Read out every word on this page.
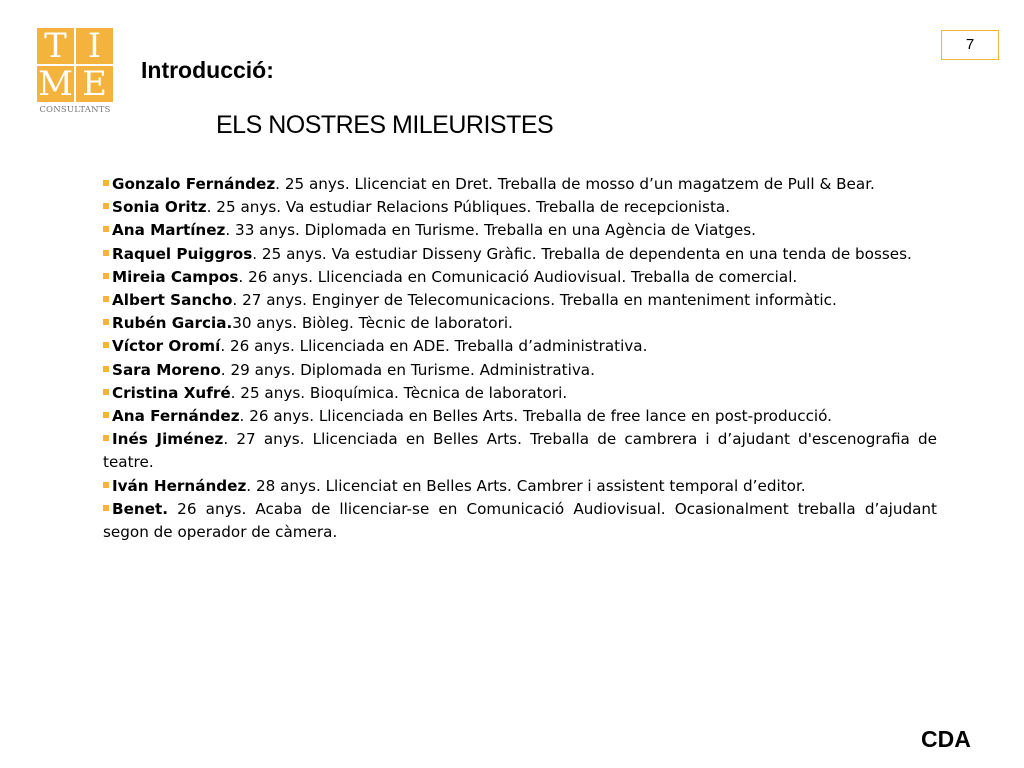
T I
M E
CONSULTANTS
7
Introducció:
ELS NOSTRES MILEURISTES

Gonzalo Fernández. 25 anys. Llicenciat en Dret. Treballa de mosso d’un magatzem de Pull & Bear.

Sonia Oritz. 25 anys. Va estudiar Relacions Públiques. Treballa de recepcionista.

Ana Martínez. 33 anys. Diplomada en Turisme. Treballa en una Agència de Viatges.

Raquel Puiggros. 25 anys. Va estudiar Disseny Gràfic. Treballa de dependenta en una tenda de bosses.

Mireia Campos. 26 anys. Llicenciada en Comunicació Audiovisual. Treballa de comercial.

Albert Sancho. 27 anys. Enginyer de Telecomunicacions. Treballa en manteniment informàtic.

Rubén Garcia.30 anys. Biòleg. Tècnic de laboratori.

Víctor Oromí. 26 anys. Llicenciada en ADE. Treballa d’administrativa.

Sara Moreno. 29 anys. Diplomada en Turisme. Administrativa.

Cristina Xufré. 25 anys. Bioquímica. Tècnica de laboratori.

Ana Fernández. 26 anys. Llicenciada en Belles Arts. Treballa de free lance en post-producció.

Inés Jiménez. 27 anys. Llicenciada en Belles Arts. Treballa de cambrera i d’ajudant d'escenografia de teatre.

Iván Hernández. 28 anys. Llicenciat en Belles Arts. Cambrer i assistent temporal d’editor.

Benet. 26 anys. Acaba de llicenciar-se en Comunicació Audiovisual. Ocasionalment treballa d’ajudant segon de operador de càmera.

CDA
